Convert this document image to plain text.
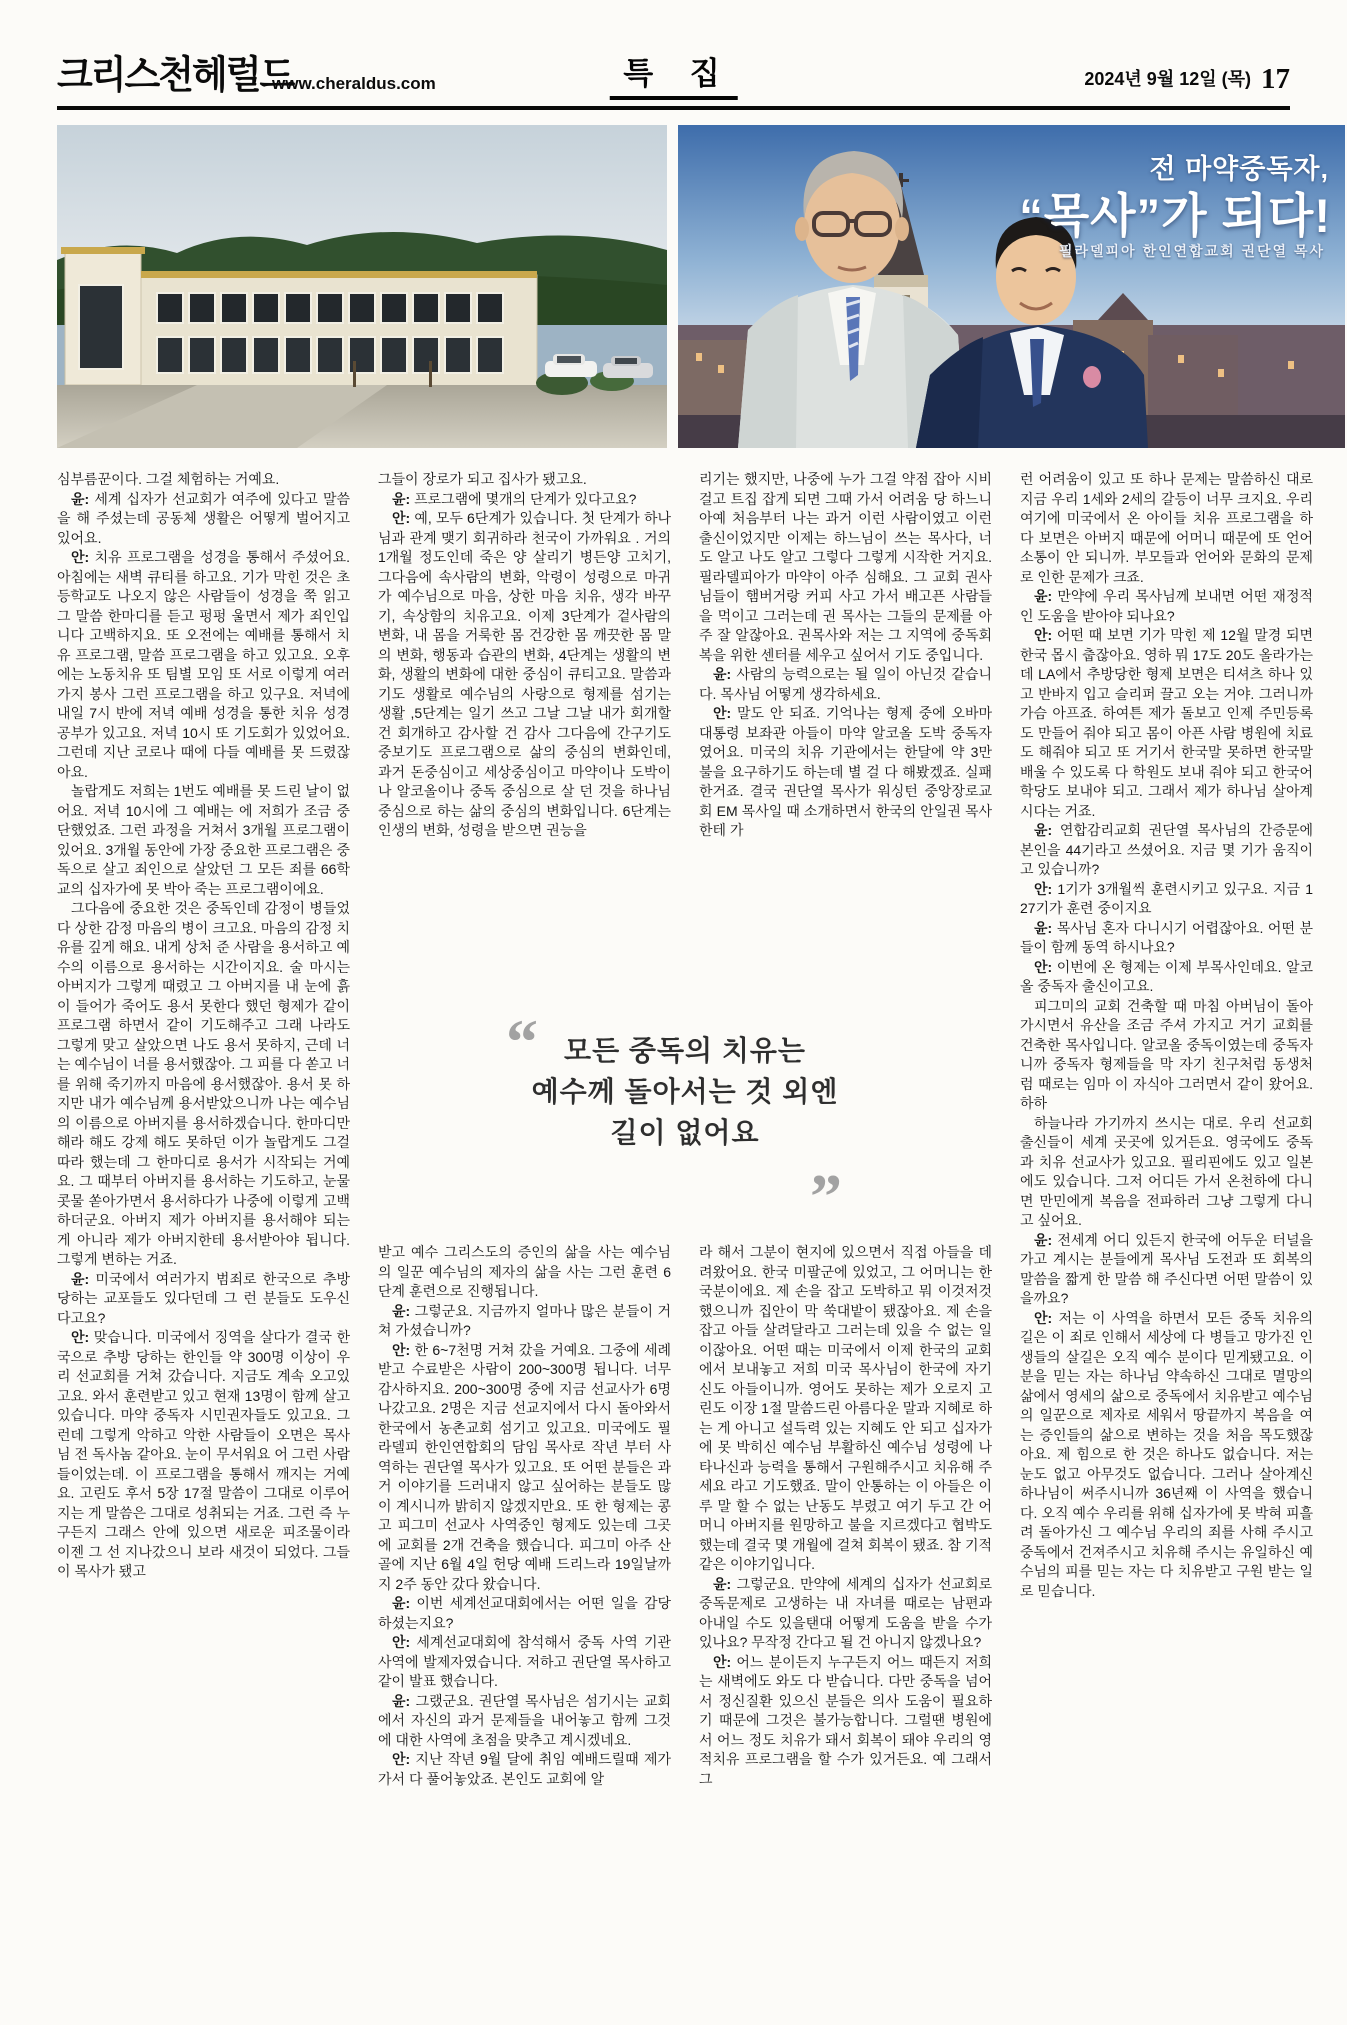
크리스천헤럴드
www.cheraldus.com	특 집	2024년 9월 12일 (목) 17
전 마약중독자,
“목사”가 되다!
필라델피아 한인연합교회 권단열 목사

심부름꾼이다. 그걸 체험하는 거예요.

윤: 세계 십자가 선교회가 여주에 있다고 말씀을 해 주셨는데 공동체 생활은 어떻게 벌어지고 있어요.

안: 치유 프로그램을 성경을 통해서 주셨어요. 아침에는 새벽 큐티를 하고요. 기가 막힌 것은 초등학교도 나오지 않은 사람들이 성경을 쭉 읽고 그 말씀 한마디를 듣고 펑펑 울면서 제가 죄인입니다 고백하지요. 또 오전에는 예배를 통해서 치유 프로그램, 말씀 프로그램을 하고 있고요. 오후에는 노동치유 또 팀별 모임 또 서로 이렇게 여러 가지 봉사 그런 프로그램을 하고 있구요. 저녁에 내일 7시 반에 저녁 예배 성경을 통한 치유 성경 공부가 있고요. 저녁 10시 또 기도회가 있었어요. 그런데 지난 코로나 때에 다들 예배를 못 드렸잖아요.

놀랍게도 저희는 1번도 예배를 못 드린 날이 없어요. 저녁 10시에 그 예배는 에 저희가 조금 중단했었죠. 그런 과정을 거쳐서 3개월 프로그램이 있어요. 3개월 동안에 가장 중요한 프로그램은 중독으로 살고 죄인으로 살았던 그 모든 죄를 66학교의 십자가에 못 박아 죽는 프로그램이에요.

그다음에 중요한 것은 중독인데 감정이 병들었다 상한 감정 마음의 병이 크고요. 마음의 감정 치유를 깊게 해요. 내게 상처 준 사람을 용서하고 예수의 이름으로 용서하는 시간이지요. 술 마시는 아버지가 그렇게 때렸고 그 아버지를 내 눈에 흙이 들어가 죽어도 용서 못한다 했던 형제가 같이 프로그램 하면서 같이 기도해주고 그래 나라도 그렇게 맞고 살았으면 나도 용서 못하지, 근데 너는 예수님이 너를 용서했잖아. 그 피를 다 쏟고 너를 위해 죽기까지 마음에 용서했잖아. 용서 못 하지만 내가 예수님께 용서받았으니까 나는 예수님의 이름으로 아버지를 용서하겠습니다. 한마디만 해라 해도 강제 해도 못하던 이가 놀랍게도 그걸 따라 했는데 그 한마디로 용서가 시작되는 거예요. 그 때부터 아버지를 용서하는 기도하고, 눈물 콧물 쏟아가면서 용서하다가 나중에 이렇게 고백하더군요. 아버지 제가 아버지를 용서해야 되는 게 아니라 제가 아버지한테 용서받아야 됩니다. 그렇게 변하는 거죠.

윤: 미국에서 여러가지 범죄로 한국으로 추방당하는 교포들도 있다던데 그 런 분들도 도우신다고요?

안: 맞습니다. 미국에서 징역을 살다가 결국 한국으로 추방 당하는 한인들 약 300명 이상이 우리 선교회를 거쳐 갔습니다. 지금도 계속 오고있고요. 와서 훈련받고 있고 현재 13명이 함께 살고 있습니다. 마약 중독자 시민권자들도 있고요. 그런데 그렇게 악하고 악한 사람들이 오면은 목사님 전 독사놈 같아요. 눈이 무서워요 어 그런 사람들이었는데. 이 프로그램을 통해서 깨지는 거예요. 고린도 후서 5장 17절 말씀이 그대로 이루어지는 게 말씀은 그대로 성취되는 거죠. 그런 즉 누구든지 그래스 안에 있으면 새로운 피조물이라 이젠 그 선 지나갔으니 보라 새것이 되었다. 그들이 목사가 됐고

그들이 장로가 되고 집사가 됐고요.

윤: 프로그램에 몇개의 단계가 있다고요?

안: 예, 모두 6단계가 있습니다. 첫 단계가 하나님과 관계 맺기 회귀하라 천국이 가까워요 . 거의 1개월 정도인데 죽은 양 살리기 병든양 고치기, 그다음에 속사람의 변화, 악령이 성령으로 마귀가 예수님으로 마음, 상한 마음 치유, 생각 바꾸기, 속상함의 치유고요. 이제 3단계가 겉사람의 변화, 내 몸을 거룩한 몸 건강한 몸 깨끗한 몸 말의 변화, 행동과 습관의 변화, 4단계는 생활의 변화, 생활의 변화에 대한 중심이 큐티고요. 말씀과 기도 생활로 예수님의 사랑으로 형제를 섬기는 생활 ,5단계는 일기 쓰고 그날 그날 내가 회개할 건 회개하고 감사할 건 감사 그다음에 간구기도 중보기도 프로그램으로 삶의 중심의 변화인데, 과거 돈중심이고 세상중심이고 마약이나 도박이나 알코올이나 중독 중심으로 살 던 것을 하나님 중심으로 하는 삶의 중심의 변화입니다. 6단계는 인생의 변화, 성령을 받으면 권능을

받고 예수 그리스도의 증인의 삶을 사는 예수님의 일꾼 예수님의 제자의 삶을 사는 그런 훈련 6단계 훈련으로 진행됩니다.

윤: 그렇군요. 지금까지 얼마나 많은 분들이 거쳐 가셨습니까?

안: 한 6~7천명 거쳐 갔을 거예요. 그중에 세례받고 수료받은 사람이 200~300명 됩니다. 너무 감사하지요. 200~300명 중에 지금 선교사가 6명 나갔고요. 2명은 지금 선교지에서 다시 돌아와서 한국에서 농촌교회 섬기고 있고요. 미국에도 필라델피 한인연합회의 담임 목사로 작년 부터 사역하는 권단열 목사가 있고요. 또 어떤 분들은 과거 이야기를 드러내지 않고 싶어하는 분들도 많이 계시니까 밝히지 않겠지만요. 또 한 형제는 콩고 피그미 선교사 사역중인 형제도 있는데 그곳에 교회를 2개 건축을 했습니다. 피그미 아주 산골에 지난 6월 4일 헌당 예배 드리느라 19일날까지 2주 동안 갔다 왔습니다.

윤: 이번 세계선교대회에서는 어떤 일을 감당하셨는지요?

안: 세계선교대회에 참석해서 중독 사역 기관 사역에 발제자였습니다. 저하고 권단열 목사하고 같이 발표 했습니다.

윤: 그랬군요. 권단열 목사님은 섬기시는 교회에서 자신의 과거 문제들을 내어놓고 함께 그것에 대한 사역에 초점을 맞추고 계시겠네요.

안: 지난 작년 9월 달에 취임 예배드릴때 제가 가서 다 풀어놓았죠. 본인도 교회에 알

리기는 했지만, 나중에 누가 그걸 약점 잡아 시비걸고 트집 잡게 되면 그때 가서 어려움 당 하느니 아예 처음부터 나는 과거 이런 사람이였고 이런 출신이었지만 이제는 하느님이 쓰는 목사다, 너도 알고 나도 알고 그렇다 그렇게 시작한 거지요. 필라델피아가 마약이 아주 심해요. 그 교회 권사님들이 햄버거랑 커피 사고 가서 배고픈 사람들을 먹이고 그러는데 권 목사는 그들의 문제를 아주 잘 알잖아요. 권목사와 저는 그 지역에 중독회복을 위한 센터를 세우고 싶어서 기도 중입니다.

윤: 사람의 능력으로는 될 일이 아닌것 같습니다. 목사님 어떻게 생각하세요.

안: 말도 안 되죠. 기억나는 형제 중에 오바마 대통령 보좌관 아들이 마약 알코올 도박 중독자였어요. 미국의 치유 기관에서는 한달에 약 3만 불을 요구하기도 하는데 별 걸 다 해봤겠죠. 실패한거죠. 결국 권단열 목사가 워싱턴 중앙장로교회 EM 목사일 때 소개하면서 한국의 안일권 목사한테 가

라 해서 그분이 현지에 있으면서 직접 아들을 데려왔어요. 한국 미팔군에 있었고, 그 어머니는 한국분이에요. 제 손을 잡고 도박하고 뭐 이것저것 했으니까 집안이 막 쑥대밭이 됐잖아요. 제 손을 잡고 아들 살려달라고 그러는데 있을 수 없는 일이잖아요. 어떤 때는 미국에서 이제 한국의 교회에서 보내놓고 저희 미국 목사님이 한국에 자기 신도 아들이니까. 영어도 못하는 제가 오로지 고린도 이장 1절 말씀드린 아름다운 말과 지혜로 하는 게 아니고 설득력 있는 지혜도 안 되고 십자가에 못 박히신 예수님 부활하신 예수님 성령에 나타나신과 능력을 통해서 구원해주시고 치유해 주세요 라고 기도했죠. 말이 안통하는 이 아들은 이루 말 할 수 없는 난동도 부렸고 여기 두고 간 어머니 아버지를 원망하고 불을 지르겠다고 협박도 했는데 결국 몇 개월에 걸쳐 회복이 됐죠. 참 기적같은 이야기입니다.

윤: 그렇군요. 만약에 세계의 십자가 선교회로 중독문제로 고생하는 내 자녀를 때로는 남편과 아내일 수도 있을탠대 어떻게 도움을 받을 수가 있나요? 무작정 간다고 될 건 아니지 않겠나요?

안: 어느 분이든지 누구든지 어느 때든지 저희는 새벽에도 와도 다 받습니다. 다만 중독을 넘어서 정신질환 있으신 분들은 의사 도움이 필요하기 때문에 그것은 불가능합니다. 그럴땐 병원에서 어느 정도 치유가 돼서 회복이 돼야 우리의 영적치유 프로그램을 할 수가 있거든요. 예 그래서 그

런 어려움이 있고 또 하나 문제는 말씀하신 대로 지금 우리 1세와 2세의 갈등이 너무 크지요. 우리 여기에 미국에서 온 아이들 치유 프로그램을 하다 보면은 아버지 때문에 어머니 때문에 또 언어 소통이 안 되니까. 부모들과 언어와 문화의 문제로 인한 문제가 크죠.

윤: 만약에 우리 목사님께 보내면 어떤 재정적인 도움을 받아야 되나요?

안: 어떤 때 보면 기가 막힌 제 12월 말경 되면 한국 몹시 춥잖아요. 영하 뭐 17도 20도 올라가는데 LA에서 추방당한 형제 보면은 티셔츠 하나 있고 반바지 입고 슬리퍼 끌고 오는 거야. 그러니까 가슴 아프죠. 하여튼 제가 돌보고 인제 주민등록도 만들어 줘야 되고 몸이 아픈 사람 병원에 치료도 해줘야 되고 또 거기서 한국말 못하면 한국말 배울 수 있도록 다 학원도 보내 줘야 되고 한국어학당도 보내야 되고. 그래서 제가 하나님 살아계시다는 거죠.

윤: 연합감리교회 권단열 목사님의 간증문에 본인을 44기라고 쓰셨어요. 지금 몇 기가 움직이고 있습니까?

안: 1기가 3개월씩 훈련시키고 있구요. 지금 127기가 훈련 중이지요

윤: 목사님 혼자 다니시기 어렵잖아요. 어떤 분들이 함께 동역 하시나요?

안: 이번에 온 형제는 이제 부목사인데요. 알코올 중독자 출신이고요.

피그미의 교회 건축할 때 마침 아버님이 돌아가시면서 유산을 조금 주셔 가지고 거기 교회를 건축한 목사입니다. 알코올 중독이였는데 중독자니까 중독자 형제들을 막 자기 친구처럼 동생처럼 때로는 임마 이 자식아 그러면서 같이 왔어요. 하하

하늘나라 가기까지 쓰시는 대로. 우리 선교회 출신들이 세계 곳곳에 있거든요. 영국에도 중독과 치유 선교사가 있고요. 필리핀에도 있고 일본에도 있습니다. 그저 어디든 가서 온천하에 다니면 만민에게 복음을 전파하러 그냥 그렇게 다니고 싶어요.

윤: 전세계 어디 있든지 한국에 어두운 터널을 가고 계시는 분들에게 목사님 도전과 또 회복의 말씀을 짧게 한 말씀 해 주신다면 어떤 말씀이 있을까요?

안: 저는 이 사역을 하면서 모든 중독 치유의 길은 이 죄로 인해서 세상에 다 병들고 망가진 인생들의 살길은 오직 예수 분이다 믿게됐고요. 이분을 믿는 자는 하나님 약속하신 그대로 멸망의 삶에서 영세의 삶으로 중독에서 치유받고 예수님의 일꾼으로 제자로 세워서 땅끝까지 복음을 여는 증인들의 삶으로 변하는 것을 처음 목도했잖아요. 제 힘으로 한 것은 하나도 없습니다. 저는 눈도 없고 아무것도 없습니다. 그러나 살아계신 하나님이 써주시니까 36년째 이 사역을 했습니다. 오직 예수 우리를 위해 십자가에 못 박혀 피흘려 돌아가신 그 예수님 우리의 죄를 사해 주시고 중독에서 건져주시고 치유해 주시는 유일하신 예수님의 피를 믿는 자는 다 치유받고 구원 받는 일로 믿습니다.

“ 모든 중독의 치유는
예수께 돌아서는 것 외엔
길이 없어요
”
